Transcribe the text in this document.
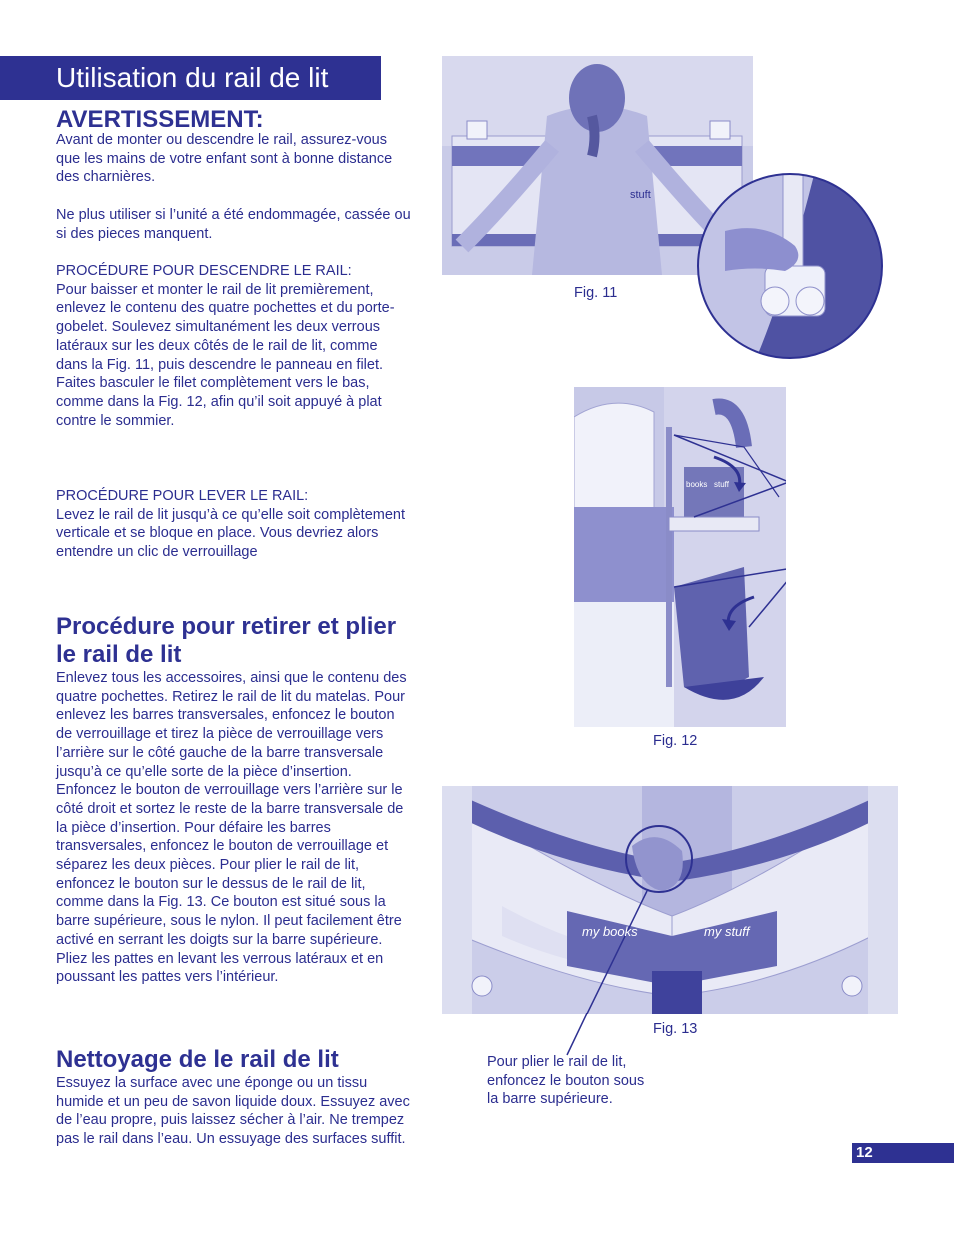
Utilisation du rail de lit
AVERTISSEMENT:

Avant de monter ou descendre le rail, assurez-vous que les mains de votre enfant sont à bonne distance des charnières.

Ne plus utiliser si l’unité a été endommagée, cassée ou si des pieces manquent.

PROCÉDURE POUR DESCENDRE LE RAIL:

Pour baisser et monter le rail de lit premièrement, enlevez le contenu des quatre pochettes et du porte-gobelet. Soulevez simultanément les deux verrous latéraux sur les deux côtés de le rail de lit, comme dans la Fig. 11, puis descendre le panneau en filet. Faites basculer le filet complètement vers le bas, comme dans la Fig. 12, afin qu’il soit appuyé à plat contre le sommier.

PROCÉDURE POUR LEVER LE RAIL:

Levez le rail de lit jusqu’à ce qu’elle soit complètement verticale et se bloque en place. Vous devriez alors entendre un clic de verrouillage

Procédure pour retirer et plier le rail de lit

Enlevez tous les accessoires, ainsi que le contenu des quatre pochettes. Retirez le rail de lit du matelas. Pour enlevez les barres transversales, enfoncez le bouton de verrouillage et tirez la pièce de verrouillage vers l’arrière sur le côté gauche de la barre transversale jusqu’à ce qu’elle sorte de la pièce d’insertion. Enfoncez le bouton de verrouillage vers l’arrière sur le côté droit et sortez le reste de la barre transversale de la pièce d’insertion. Pour défaire les barres transversales, enfoncez le bouton de verrouillage et séparez les deux pièces. Pour plier le rail de lit, enfoncez le bouton sur le dessus de le rail de lit, comme dans la Fig. 13. Ce bouton est situé sous la barre supérieure, sous le nylon. Il peut facilement être activé en serrant les doigts sur la barre supérieure. Pliez les pattes en levant les verrous latéraux et en poussant les pattes vers l’intérieur.

Nettoyage de le rail de lit

Essuyez la surface avec une éponge ou un tissu humide et un peu de savon liquide doux. Essuyez avec de l’eau propre, puis laissez sécher à l’air. Ne trempez pas le rail dans l’eau. Un essuyage des surfaces suffit.

stuft
Fig. 11
books stuff
Fig. 12
my books	my stuff
Fig. 13
Pour plier le rail de lit, enfoncez le bouton sous la barre supérieure.
12
